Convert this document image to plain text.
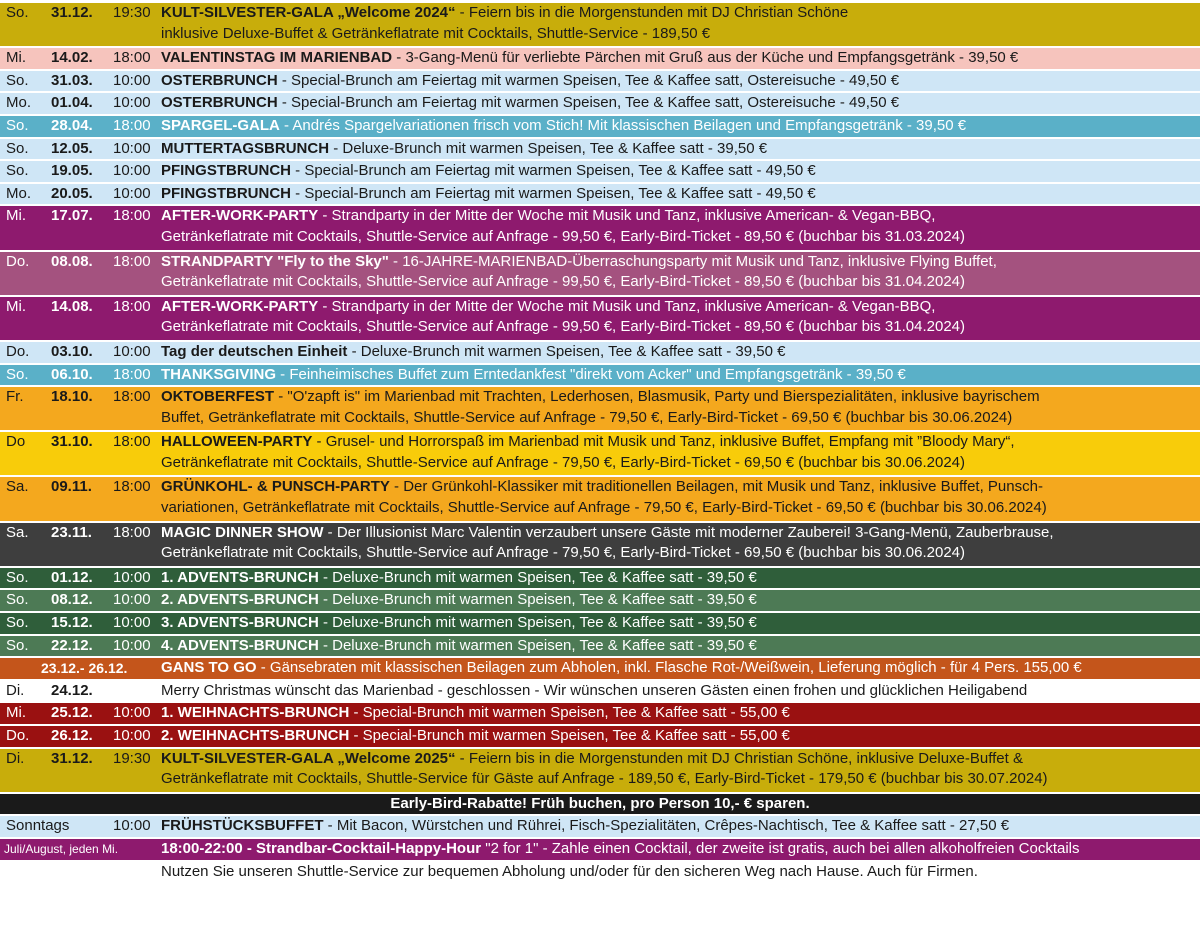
So. 31.12. 19:30 KULT-SILVESTER-GALA „Welcome 2024“ - Feiern bis in die Morgenstunden mit DJ Christian Schöne
inklusive Deluxe-Buffet & Getränkeflatrate mit Cocktails, Shuttle-Service - 189,50 €
Mi. 14.02. 18:00 VALENTINSTAG IM MARIENBAD - 3-Gang-Menü für verliebte Pärchen mit Gruß aus der Küche und Empfangsgetränk - 39,50 €
So. 31.03. 10:00 OSTERBRUNCH - Special-Brunch am Feiertag mit warmen Speisen, Tee & Kaffee satt, Ostereisuche - 49,50 €
Mo. 01.04. 10:00 OSTERBRUNCH - Special-Brunch am Feiertag mit warmen Speisen, Tee & Kaffee satt, Ostereisuche - 49,50 €
So. 28.04. 18:00 SPARGEL-GALA - Andrés Spargelvariationen frisch vom Stich! Mit klassischen Beilagen und Empfangsgetränk - 39,50 €
So. 12.05. 10:00 MUTTERTAGSBRUNCH - Deluxe-Brunch mit warmen Speisen, Tee & Kaffee satt - 39,50 €
So. 19.05. 10:00 PFINGSTBRUNCH - Special-Brunch am Feiertag mit warmen Speisen, Tee & Kaffee satt - 49,50 €
Mo. 20.05. 10:00 PFINGSTBRUNCH - Special-Brunch am Feiertag mit warmen Speisen, Tee & Kaffee satt - 49,50 €
Mi. 17.07. 18:00 AFTER-WORK-PARTY - Strandparty in der Mitte der Woche mit Musik und Tanz, inklusive American- & Vegan-BBQ,
Getränkeflatrate mit Cocktails, Shuttle-Service auf Anfrage - 99,50 €, Early-Bird-Ticket - 89,50 € (buchbar bis 31.03.2024)
Do. 08.08. 18:00 STRANDPARTY "Fly to the Sky" - 16-JAHRE-MARIENBAD-Überraschungsparty mit Musik und Tanz, inklusive Flying Buffet,
Getränkeflatrate mit Cocktails, Shuttle-Service auf Anfrage - 99,50 €, Early-Bird-Ticket - 89,50 € (buchbar bis 31.04.2024)
Mi. 14.08. 18:00 AFTER-WORK-PARTY - Strandparty in der Mitte der Woche mit Musik und Tanz, inklusive American- & Vegan-BBQ,
Getränkeflatrate mit Cocktails, Shuttle-Service auf Anfrage - 99,50 €, Early-Bird-Ticket - 89,50 € (buchbar bis 31.04.2024)
Do. 03.10. 10:00 Tag der deutschen Einheit - Deluxe-Brunch mit warmen Speisen, Tee & Kaffee satt - 39,50 €
So. 06.10. 18:00 THANKSGIVING - Feinheimisches Buffet zum Erntedankfest "direkt vom Acker" und Empfangsgetränk - 39,50 €
Fr. 18.10. 18:00 OKTOBERFEST - "O'zapft is" im Marienbad mit Trachten, Lederhosen, Blasmusik, Party und Bierspezialitäten, inklusive bayrischem
Buffet, Getränkeflatrate mit Cocktails, Shuttle-Service auf Anfrage - 79,50 €, Early-Bird-Ticket - 69,50 € (buchbar bis 30.06.2024)
Do 31.10. 18:00 HALLOWEEN-PARTY - Grusel- und Horrorspaß im Marienbad mit Musik und Tanz, inklusive Buffet, Empfang mit ”Bloody Mary“,
Getränkeflatrate mit Cocktails, Shuttle-Service auf Anfrage - 79,50 €, Early-Bird-Ticket - 69,50 € (buchbar bis 30.06.2024)
Sa. 09.11. 18:00 GRÜNKOHL- & PUNSCH-PARTY - Der Grünkohl-Klassiker mit traditionellen Beilagen, mit Musik und Tanz, inklusive Buffet, Punsch-
variationen, Getränkeflatrate mit Cocktails, Shuttle-Service auf Anfrage - 79,50 €, Early-Bird-Ticket - 69,50 € (buchbar bis 30.06.2024)
Sa. 23.11. 18:00 MAGIC DINNER SHOW - Der Illusionist Marc Valentin verzaubert unsere Gäste mit moderner Zauberei! 3-Gang-Menü, Zauberbrause,
Getränkeflatrate mit Cocktails, Shuttle-Service auf Anfrage - 79,50 €, Early-Bird-Ticket - 69,50 € (buchbar bis 30.06.2024)
So. 01.12. 10:00 1. ADVENTS-BRUNCH - Deluxe-Brunch mit warmen Speisen, Tee & Kaffee satt - 39,50 €
So. 08.12. 10:00 2. ADVENTS-BRUNCH - Deluxe-Brunch mit warmen Speisen, Tee & Kaffee satt - 39,50 €
So. 15.12. 10:00 3. ADVENTS-BRUNCH - Deluxe-Brunch mit warmen Speisen, Tee & Kaffee satt - 39,50 €
So. 22.12. 10:00 4. ADVENTS-BRUNCH - Deluxe-Brunch mit warmen Speisen, Tee & Kaffee satt - 39,50 €
23.12.- 26.12. GANS TO GO - Gänsebraten mit klassischen Beilagen zum Abholen, inkl. Flasche Rot-/Weißwein, Lieferung möglich - für 4 Pers. 155,00 €
Di. 24.12.	Merry Christmas wünscht das Marienbad - geschlossen - Wir wünschen unseren Gästen einen frohen und glücklichen Heiligabend
Mi. 25.12. 10:00 1. WEIHNACHTS-BRUNCH - Special-Brunch mit warmen Speisen, Tee & Kaffee satt - 55,00 €
Do. 26.12. 10:00 2. WEIHNACHTS-BRUNCH - Special-Brunch mit warmen Speisen, Tee & Kaffee satt - 55,00 €
Di. 31.12. 19:30 KULT-SILVESTER-GALA „Welcome 2025“ - Feiern bis in die Morgenstunden mit DJ Christian Schöne, inklusive Deluxe-Buffet &
Getränkeflatrate mit Cocktails, Shuttle-Service für Gäste auf Anfrage - 189,50 €, Early-Bird-Ticket - 179,50 € (buchbar bis 30.07.2024)
Early-Bird-Rabatte! Früh buchen, pro Person 10,- € sparen.
Sonntags	10:00 FRÜHSTÜCKSBUFFET - Mit Bacon, Würstchen und Rührei, Fisch-Spezialitäten, Crêpes-Nachtisch, Tee & Kaffee satt - 27,50 €
Juli/August, jeden Mi.	18:00-22:00 - Strandbar-Cocktail-Happy-Hour "2 for 1" - Zahle einen Cocktail, der zweite ist gratis, auch bei allen alkoholfreien Cocktails
Nutzen Sie unseren Shuttle-Service zur bequemen Abholung und/oder für den sicheren Weg nach Hause. Auch für Firmen.
